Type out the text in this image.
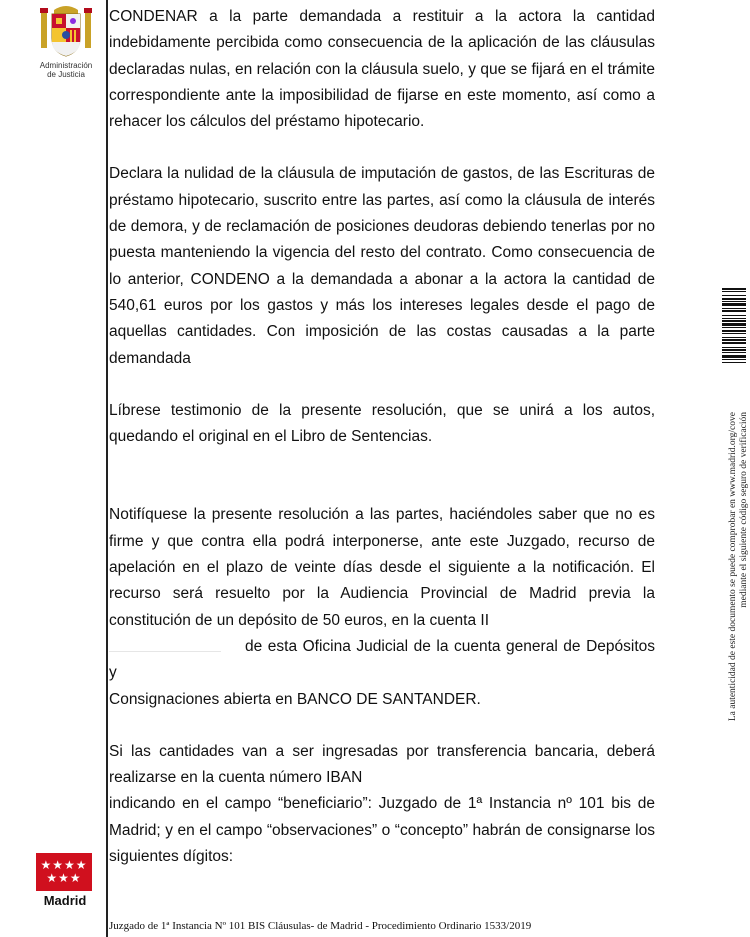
Administración
de Justicia
★★★★
★★★
Madrid

CONDENAR a la parte demandada a restituir a la actora la cantidad
indebidamente percibida como consecuencia de la aplicación de las cláusulas
declaradas nulas, en relación con la cláusula suelo, y que se fijará en el trámite
correspondiente ante la imposibilidad de fijarse en este momento, así como a
rehacer los cálculos del préstamo hipotecario.

Declara la nulidad de la cláusula de imputación de gastos, de las Escrituras de
préstamo hipotecario, suscrito entre las partes, así como la cláusula de interés
de demora, y de reclamación de posiciones deudoras debiendo tenerlas por no
puesta manteniendo la vigencia del resto del contrato. Como consecuencia de
lo anterior, CONDENO a la demandada a abonar a la actora la cantidad de
540,61 euros por los gastos y más los intereses legales desde el pago de
aquellas cantidades. Con imposición de las costas causadas a la parte
demandada

Líbrese testimonio de la presente resolución, que se unirá a los autos,
quedando el original en el Libro de Sentencias.

Notifíquese la presente resolución a las partes, haciéndoles saber que no es
firme y que contra ella podrá interponerse, ante este Juzgado, recurso de
apelación en el plazo de veinte días desde el siguiente a la notificación. El
recurso será resuelto por la Audiencia Provincial de Madrid previa la
constitución de un depósito de 50 euros, en la cuenta II
de esta Oficina Judicial de la cuenta general de Depósitos y
Consignaciones abierta en BANCO DE SANTANDER.

Si las cantidades van a ser ingresadas por transferencia bancaria, deberá
realizarse en la cuenta número IBAN
indicando en el campo “beneficiario”: Juzgado de 1ª Instancia nº 101 bis de
Madrid; y en el campo “observaciones” o “concepto” habrán de consignarse los
siguientes dígitos:

La autenticidad de este documento se puede comprobar en www.madrid.org/cove mediante el siguiente código seguro de verificación
Juzgado de 1ª Instancia Nº 101 BIS Cláusulas- de Madrid - Procedimiento Ordinario 1533/2019
